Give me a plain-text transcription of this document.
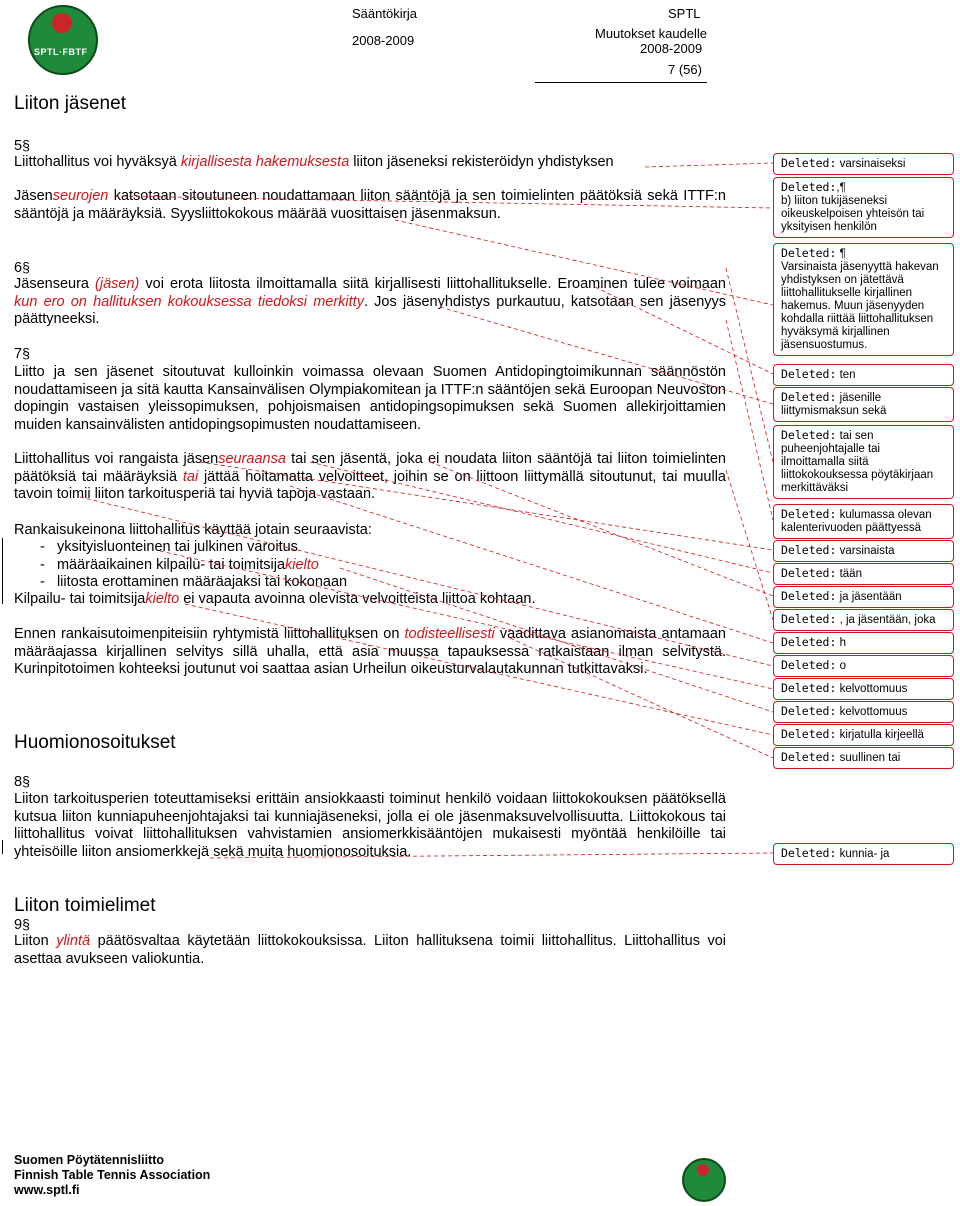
SPTL·FBTF
Sääntökirja
2008-2009
SPTL
Muutokset kaudelle
2008-2009
7 (56)
Liiton jäsenet
5§
Liittohallitus voi hyväksyä kirjallisesta hakemuksesta liiton jäseneksi rekisteröidyn yhdistyksen
Jäsenseurojen katsotaan sitoutuneen noudattamaan liiton sääntöjä ja sen toimielinten päätöksiä sekä ITTF:n sääntöjä ja määräyksiä. Syysliittokokous määrää vuosittaisen jäsenmaksun.
6§
Jäsenseura (jäsen) voi erota liitosta ilmoittamalla siitä kirjallisesti liittohallitukselle. Eroaminen tulee voimaan kun ero on hallituksen kokouksessa tiedoksi merkitty. Jos jäsenyhdistys purkautuu, katsotaan sen jäsenyys päättyneeksi.
7§
Liitto ja sen jäsenet sitoutuvat kulloinkin voimassa olevaan Suomen Antidopingtoimikunnan säännöstön noudattamiseen ja sitä kautta Kansainvälisen Olympiakomitean ja ITTF:n sääntöjen sekä Euroopan Neuvoston dopingin vastaisen yleissopimuksen, pohjoismaisen antidopingsopimuksen sekä Suomen allekirjoittamien muiden kansainvälisten antidopingsopimusten noudattamiseen.
Liittohallitus voi rangaista jäsenseuraansa tai sen jäsentä, joka ei noudata liiton sääntöjä tai liiton toimielinten päätöksiä tai määräyksiä tai jättää hoitamatta velvoitteet, joihin se on liittoon liittymällä sitoutunut, tai muulla tavoin toimii liiton tarkoitusperiä tai hyviä tapoja vastaan.
Rankaisukeinona liittohallitus käyttää jotain seuraavista:
- yksityisluonteinen tai julkinen varoitus
- määräaikainen kilpailu- tai toimitsijakielto
- liitosta erottaminen määräajaksi tai kokonaan
Kilpailu- tai toimitsijakielto ei vapauta avoinna olevista velvoitteista liittoa kohtaan.
Ennen rankaisutoimenpiteisiin ryhtymistä liittohallituksen on todisteellisesti vaadittava asianomaista antamaan määräajassa kirjallinen selvitys sillä uhalla, että asia muussa tapauksessa ratkaistaan ilman selvitystä. Kurinpitotoimen kohteeksi joutunut voi saattaa asian Urheilun oikeusturvalautakunnan tutkittavaksi.
Huomionosoitukset
8§
Liiton tarkoitusperien toteuttamiseksi erittäin ansiokkaasti toiminut henkilö voidaan liittokokouksen päätöksellä kutsua liiton kunniapuheenjohtajaksi tai kunniajäseneksi, jolla ei ole jäsenmaksuvelvollisuutta. Liittokokous tai liittohallitus voivat liittohallituksen vahvistamien ansiomerkkisääntöjen mukaisesti myöntää henkilöille tai yhteisöille liiton ansiomerkkejä sekä muita huomionosoituksia.
Liiton toimielimet
9§
Liiton ylintä päätösvaltaa käytetään liittokokouksissa. Liiton hallituksena toimii liittohallitus. Liittohallitus voi asettaa avukseen valiokuntia.
Deleted: varsinaiseksi
Deleted:,¶
b) liiton tukijäseneksi oikeuskelpoisen yhteisön tai yksityisen henkilön
Deleted: ¶
Varsinaista jäsenyyttä hakevan yhdistyksen on jätettävä liittohallitukselle kirjallinen hakemus. Muun jäsenyyden kohdalla riittää liittohallituksen hyväksymä kirjallinen jäsensuostumus.
Deleted: ten
Deleted: jäsenille
liittymismaksun sekä
Deleted: tai sen
puheenjohtajalle tai ilmoittamalla siitä liittokokouksessa pöytäkirjaan merkittäväksi
Deleted: kulumassa olevan
kalenterivuoden päättyessä
Deleted: varsinaista
Deleted: tään
Deleted: ja jäsentään
Deleted: , ja jäsentään, joka
Deleted: h
Deleted: o
Deleted: kelvottomuus
Deleted: kelvottomuus
Deleted: kirjatulla kirjeellä
Deleted: suullinen tai
Deleted: kunnia- ja
Suomen Pöytätennisliitto
Finnish Table Tennis Association
www.sptl.fi
